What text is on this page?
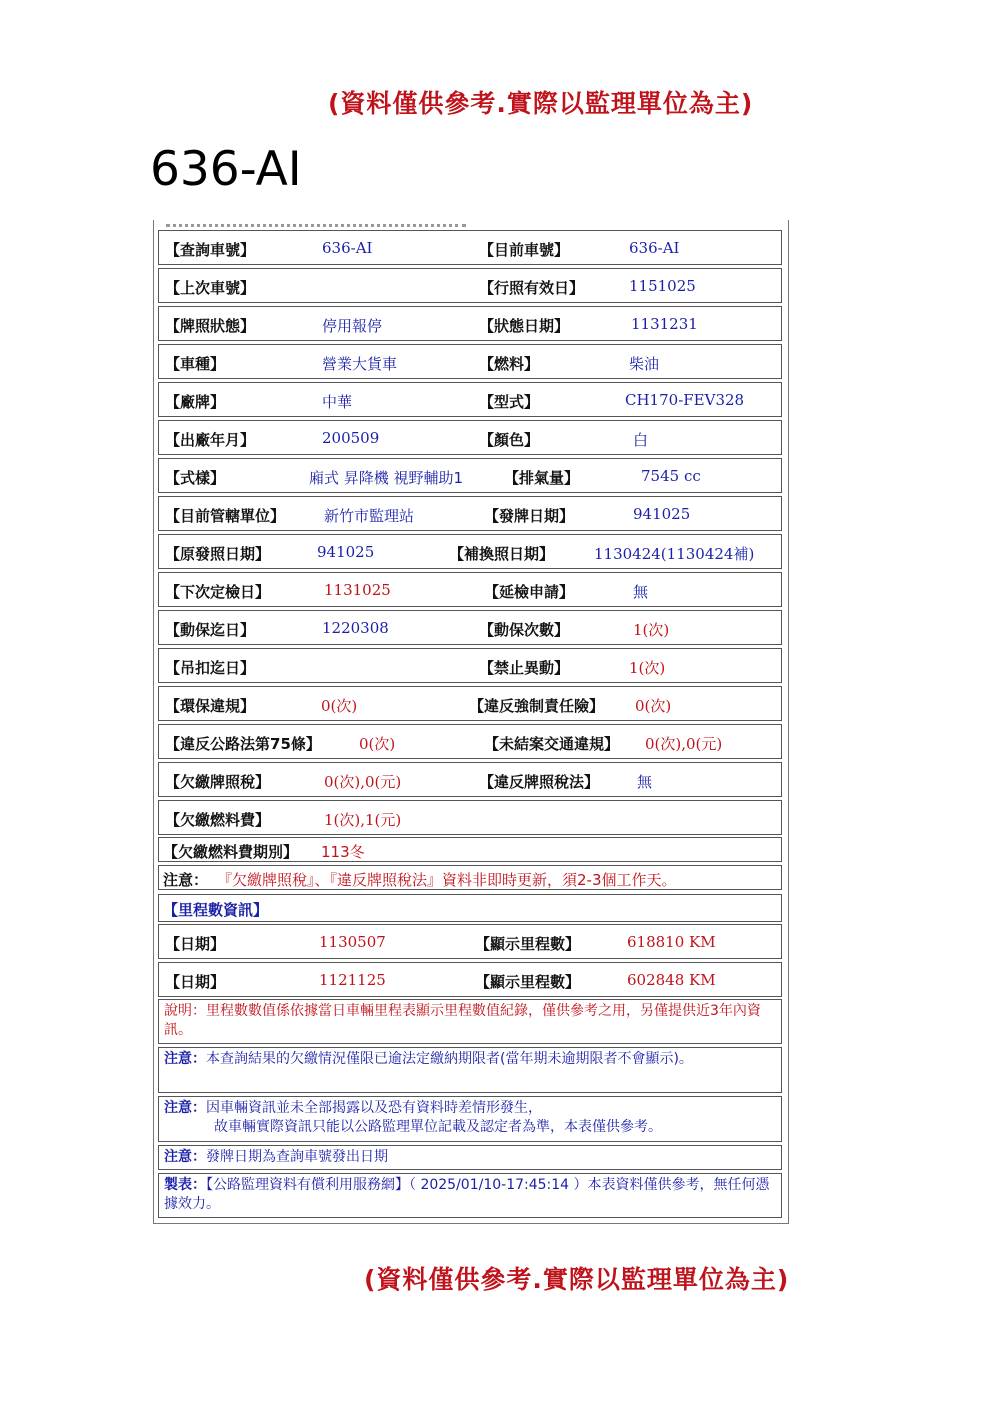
(資料僅供參考.實際以監理單位為主)
636-AI
【查詢車號】	636-AI	【目前車號】	636-AI
【上次車號】	【行照有效日】	1151025
【牌照狀態】	停用報停	【狀態日期】	1131231
【車種】	營業大貨車	【燃料】	柴油
【廠牌】	中華	【型式】	CH170-FEV328
【出廠年月】	200509	【顏色】	白
【式樣】	廂式 昇降機 視野輔助1	【排氣量】	7545 cc
【目前管轄單位】	新竹市監理站	【發牌日期】	941025
【原發照日期】	941025	【補換照日期】	1130424(1130424補)
【下次定檢日】	1131025	【延檢申請】	無
【動保迄日】	1220308	【動保次數】	1(次)
【吊扣迄日】	【禁止異動】	1(次)
【環保違規】	0(次)	【違反強制責任險】 0(次)
【違反公路法第75條】	0(次)	【未結案交通違規】 0(次),0(元)
【欠繳牌照稅】	0(次),0(元)	【違反牌照稅法】	無
【欠繳燃料費】	1(次),1(元)
【欠繳燃料費期別】 113冬
注意： 『欠繳牌照稅』、『違反牌照稅法』資料非即時更新，須2-3個工作天。
【里程數資訊】
【日期】	1130507	【顯示里程數】	618810 KM
【日期】	1121125	【顯示里程數】	602848 KM
說明：里程數數值係依據當日車輛里程表顯示里程數值紀錄，僅供參考之用，另僅提供近3年內資訊。
注意：本查詢結果的欠繳情況僅限已逾法定繳納期限者(當年期未逾期限者不會顯示)。
注意：因車輛資訊並未全部揭露以及恐有資料時差情形發生，
故車輛實際資訊只能以公路監理單位記載及認定者為準，本表僅供參考。
注意：發牌日期為查詢車號發出日期
製表：【公路監理資料有償利用服務網】（ 2025/01/10-17:45:14 ）本表資料僅供參考，無任何憑據效力。
(資料僅供參考.實際以監理單位為主)
